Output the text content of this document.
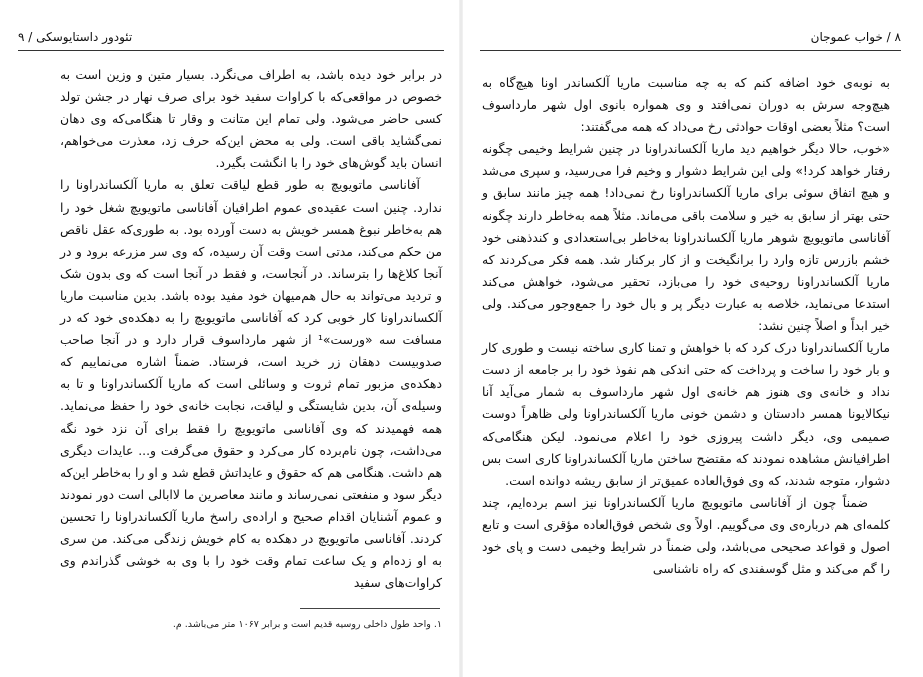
تئودور داستایوسکی / ۹

در برابر خود دیده باشد، به اطراف می‌نگرد. بسیار متین و وزین است به خصوص در مواقعی‌که با کراوات سفید خود برای صرف نهار در جشن تولد کسی حاضر می‌شود. ولی تمام این متانت و وقار تا هنگامی‌که وی دهان نمی‌گشاید باقی است. ولی به محض این‌که حرف زد، معذرت می‌خواهم، انسان باید گوش‌های خود را با انگشت بگیرد.

آفاناسی ماتویویچ به طور قطع لیاقت تعلق به ماریا آلکساندراونا را ندارد. چنین است عقیده‌ی عموم اطرافیان آفاناسی ماتویویچ شغل خود را هم به‌خاطر نبوغ همسر خویش به دست آورده بود. به طوری‌که عقل ناقص من حکم می‌کند، مدتی است وقت آن رسیده، که وی سر مزرعه برود و در آنجا کلاغ‌ها را بترساند. در آنجاست، و فقط در آنجا است که وی بدون شک و تردید می‌تواند به حال هم‌میهان خود مفید بوده باشد. بدین مناسبت ماریا آلکساندراونا کار خوبی کرد که آفاناسی ماتویویچ را به دهکده‌ی خود که در مسافت سه «ورست»¹ از شهر ماردا‌سوف قرار دارد و در آنجا صاحب صدوبیست دهقان زر خرید است، فرستاد. ضمناً اشاره می‌نماییم که دهکده‌ی مزبور تمام ثروت و وسائلی است که ماریا آلکساندراونا و تا به وسیله‌ی آن، بدین شایستگی و لیاقت، نجابت خانه‌ی خود را حفظ می‌نماید. همه فهمیدند که وی آفاناسی ماتویویچ را فقط برای آن نزد خود نگه می‌داشت، چون نام‌برده کار می‌کرد و حقوق می‌گرفت و... عایدات دیگری هم داشت. هنگامی هم که حقوق و عایداتش قطع شد و او را به‌خاطر این‌که دیگر سود و منفعتی نمی‌رساند و مانند معاصرین ما لاابالی است دور نمودند و عموم آشنایان اقدام صحیح و اراده‌ی راسخ ماریا آلکساندراونا را تحسین کردند. آفاناسی ماتویویچ در دهکده به کام خویش زندگی می‌کند. من سری به او زده‌ام و یک ساعت تمام وقت خود را با وی به خوشی گذراندم وی کراوات‌های سفید

۱. واحد طول داخلی روسیه قدیم است و برابر ۱۰۶۷ متر می‌باشد. م.
۸ / خواب عموجان

به نوبه‌ی خود اضافه کنم که به چه مناسبت ماریا آلکساندر اونا هیچ‌گاه به هیچ‌وجه سرش به دوران نمی‌افتد و وی همواره بانوی اول شهر ماردا‌سوف است؟ مثلاً بعضی اوقات حوادثی رخ می‌داد که همه می‌گفتند:

«خوب، حالا دیگر خواهیم دید ماریا آلکساندراونا در چنین شرایط وخیمی چگونه رفتار خواهد کرد!» ولی این شرایط دشوار و وخیم فرا می‌رسید، و سپری می‌شد و هیچ اتفاق سوئی برای ماریا آلکساندراونا رخ نمی‌داد! همه چیز مانند سابق و حتی بهتر از سابق به خیر و سلامت باقی می‌ماند. مثلاً همه به‌خاطر دارند چگونه آفاناسی ماتویویچ شوهر ماریا آلکساندراونا به‌خاطر بی‌استعدادی و کندذهنی خود خشم بازرس تازه وارد را برانگیخت و از کار برکنار شد. همه فکر می‌کردند که ماریا آلکساندراونا روحیه‌ی خود را می‌بازد، تحقیر می‌شود، خواهش می‌کند استدعا می‌نماید، خلاصه به عبارت دیگر پر و بال خود را جمع‌وجور می‌کند. ولی خیر ابداً و اصلاً چنین نشد:

ماریا آلکساندراونا درک کرد که با خواهش و تمنا کاری ساخته نیست و طوری کار و بار خود را ساخت و پرداخت که حتی اندکی هم نفوذ خود را بر جامعه از دست نداد و خانه‌ی وی هنوز هم خانه‌ی اول شهر ماردا‌سوف به شمار می‌آید آنا نیکالایونا همسر دادستان و دشمن خونی ماریا آلکساندراونا ولی ظاهراً دوست صمیمی وی، دیگر داشت پیروزی خود را اعلام می‌نمود. لیکن هنگامی‌که اطرافیانش مشاهده نمودند که مقتضح ساختن ماریا آلکساندراونا کاری است بس دشوار، متوجه شدند، که وی فوق‌العاده عمیق‌تر از سابق ریشه دوانده است.

ضمناً چون از آفاناسی ماتویویچ ماریا آلکساندراونا نیز اسم برده‌ایم، چند کلمه‌ای هم درباره‌ی وی می‌گوییم. اولاً وی شخص فوق‌العاده مؤقری است و تابع اصول و قواعد صحیحی می‌باشد، ولی ضمناً در شرایط وخیمی دست و پای خود را گم می‌کند و مثل گوسفندی که راه ناشناسی
